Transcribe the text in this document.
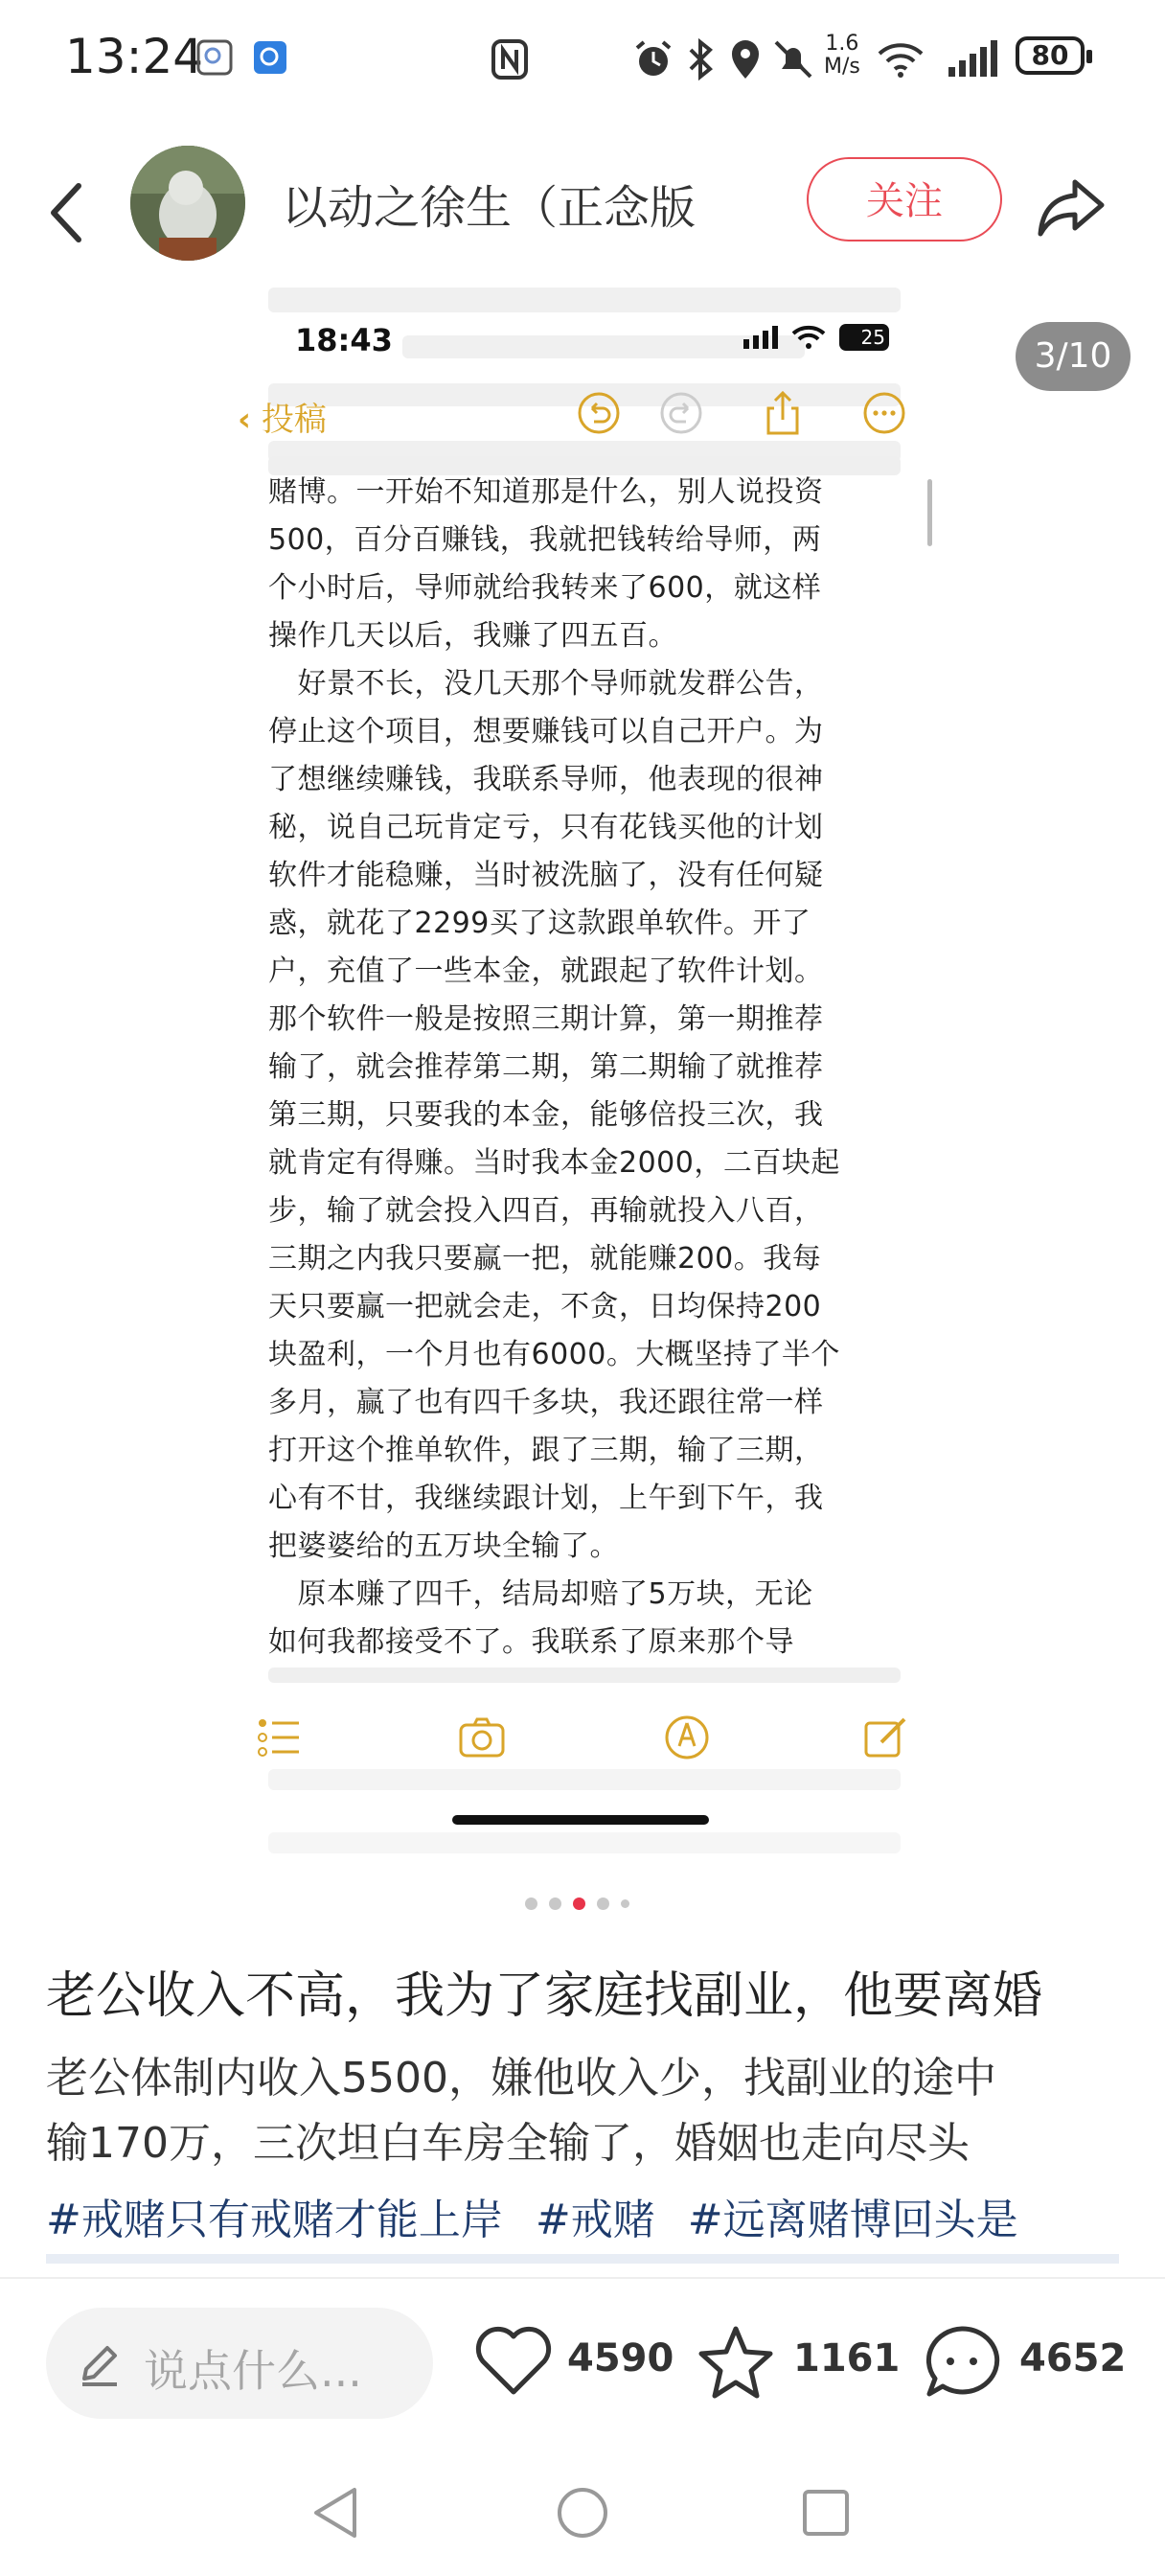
13:24	1.6
M/s	80
以动之徐生（正念版	关注
18:43	25	3/10
‹ 投稿
赌博。一开始不知道那是什么，别人说投资
500，百分百赚钱，我就把钱转给导师，两
个小时后，导师就给我转来了600，就这样
操作几天以后，我赚了四五百。
　好景不长，没几天那个导师就发群公告，
停止这个项目，想要赚钱可以自己开户。为
了想继续赚钱，我联系导师，他表现的很神
秘，说自己玩肯定亏，只有花钱买他的计划
软件才能稳赚，当时被洗脑了，没有任何疑
惑，就花了2299买了这款跟单软件。开了
户，充值了一些本金，就跟起了软件计划。
那个软件一般是按照三期计算，第一期推荐
输了，就会推荐第二期，第二期输了就推荐
第三期，只要我的本金，能够倍投三次，我
就肯定有得赚。当时我本金2000，二百块起
步，输了就会投入四百，再输就投入八百，
三期之内我只要赢一把，就能赚200。我每
天只要赢一把就会走，不贪，日均保持200
块盈利，一个月也有6000。大概坚持了半个
多月，赢了也有四千多块，我还跟往常一样
打开这个推单软件，跟了三期，输了三期，
心有不甘，我继续跟计划，上午到下午，我
把婆婆给的五万块全输了。
　原本赚了四千，结局却赔了5万块，无论
如何我都接受不了。我联系了原来那个导
老公收入不高，我为了家庭找副业，他要离婚
老公体制内收入5500，嫌他收入少，找副业的途中
输170万，三次坦白车房全输了，婚姻也走向尽头
#戒赌只有戒赌才能上岸 #戒赌 #远离赌博回头是
说点什么...	4590	1161	4652
